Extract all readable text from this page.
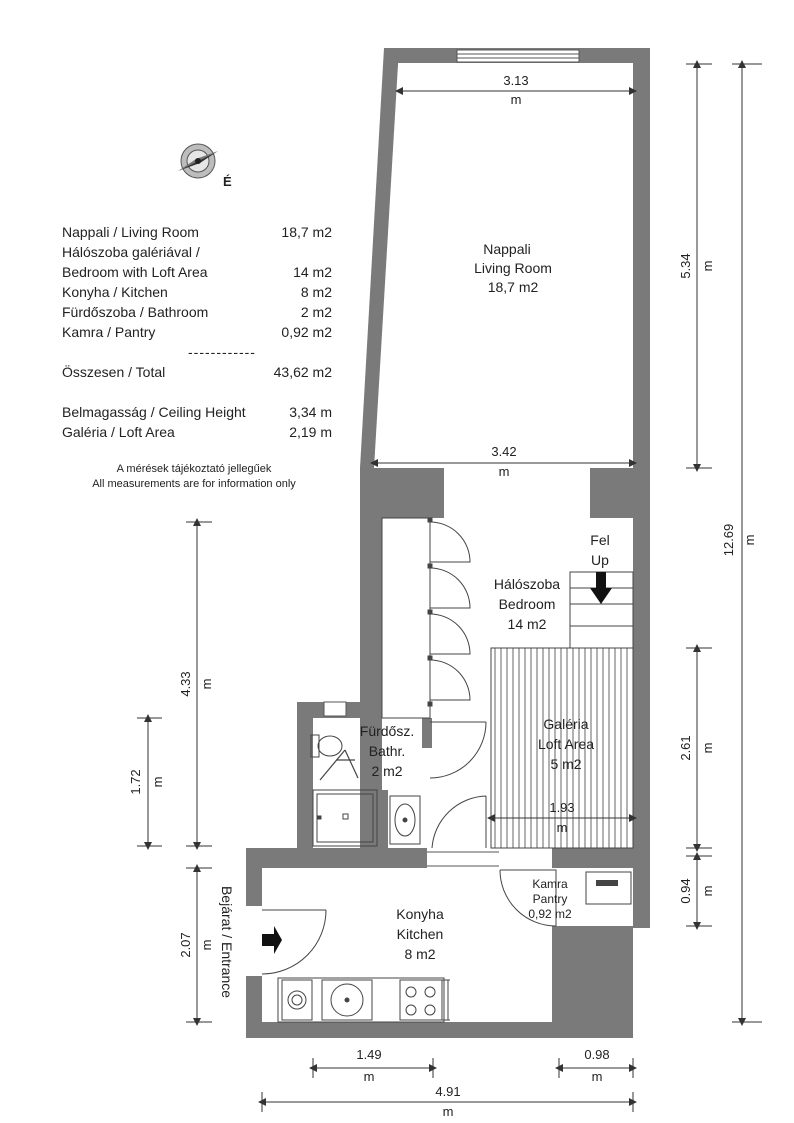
É
Nappali
Living Room
18,7 m2
Hálószoba
Bedroom
14 m2
Galéria
Loft Area
5 m2
Fürdősz.
Bathr.
2 m2
Konyha
Kitchen
8 m2
Fel
Up
Kamra
Pantry
0,92 m2
Bejárat / Entrance
3.13
m
3.42
m
1.93
m
1.49
m
0.98
m
4.91
m
5.34 m
12.69 m
2.61 m
0.94 m
4.33 m
1.72 m
2.07 m
Nappali / Living Room	18,7 m2
Hálószoba galériával /
Bedroom with Loft Area	14 m2
Konyha / Kitchen	8 m2
Fürdőszoba / Bathroom	2 m2
Kamra / Pantry	0,92 m2
------------
Összesen / Total	43,62 m2
Belmagasság / Ceiling Height	3,34 m
Galéria / Loft Area	2,19 m
A mérések tájékoztató jellegűek
All measurements are for information only
